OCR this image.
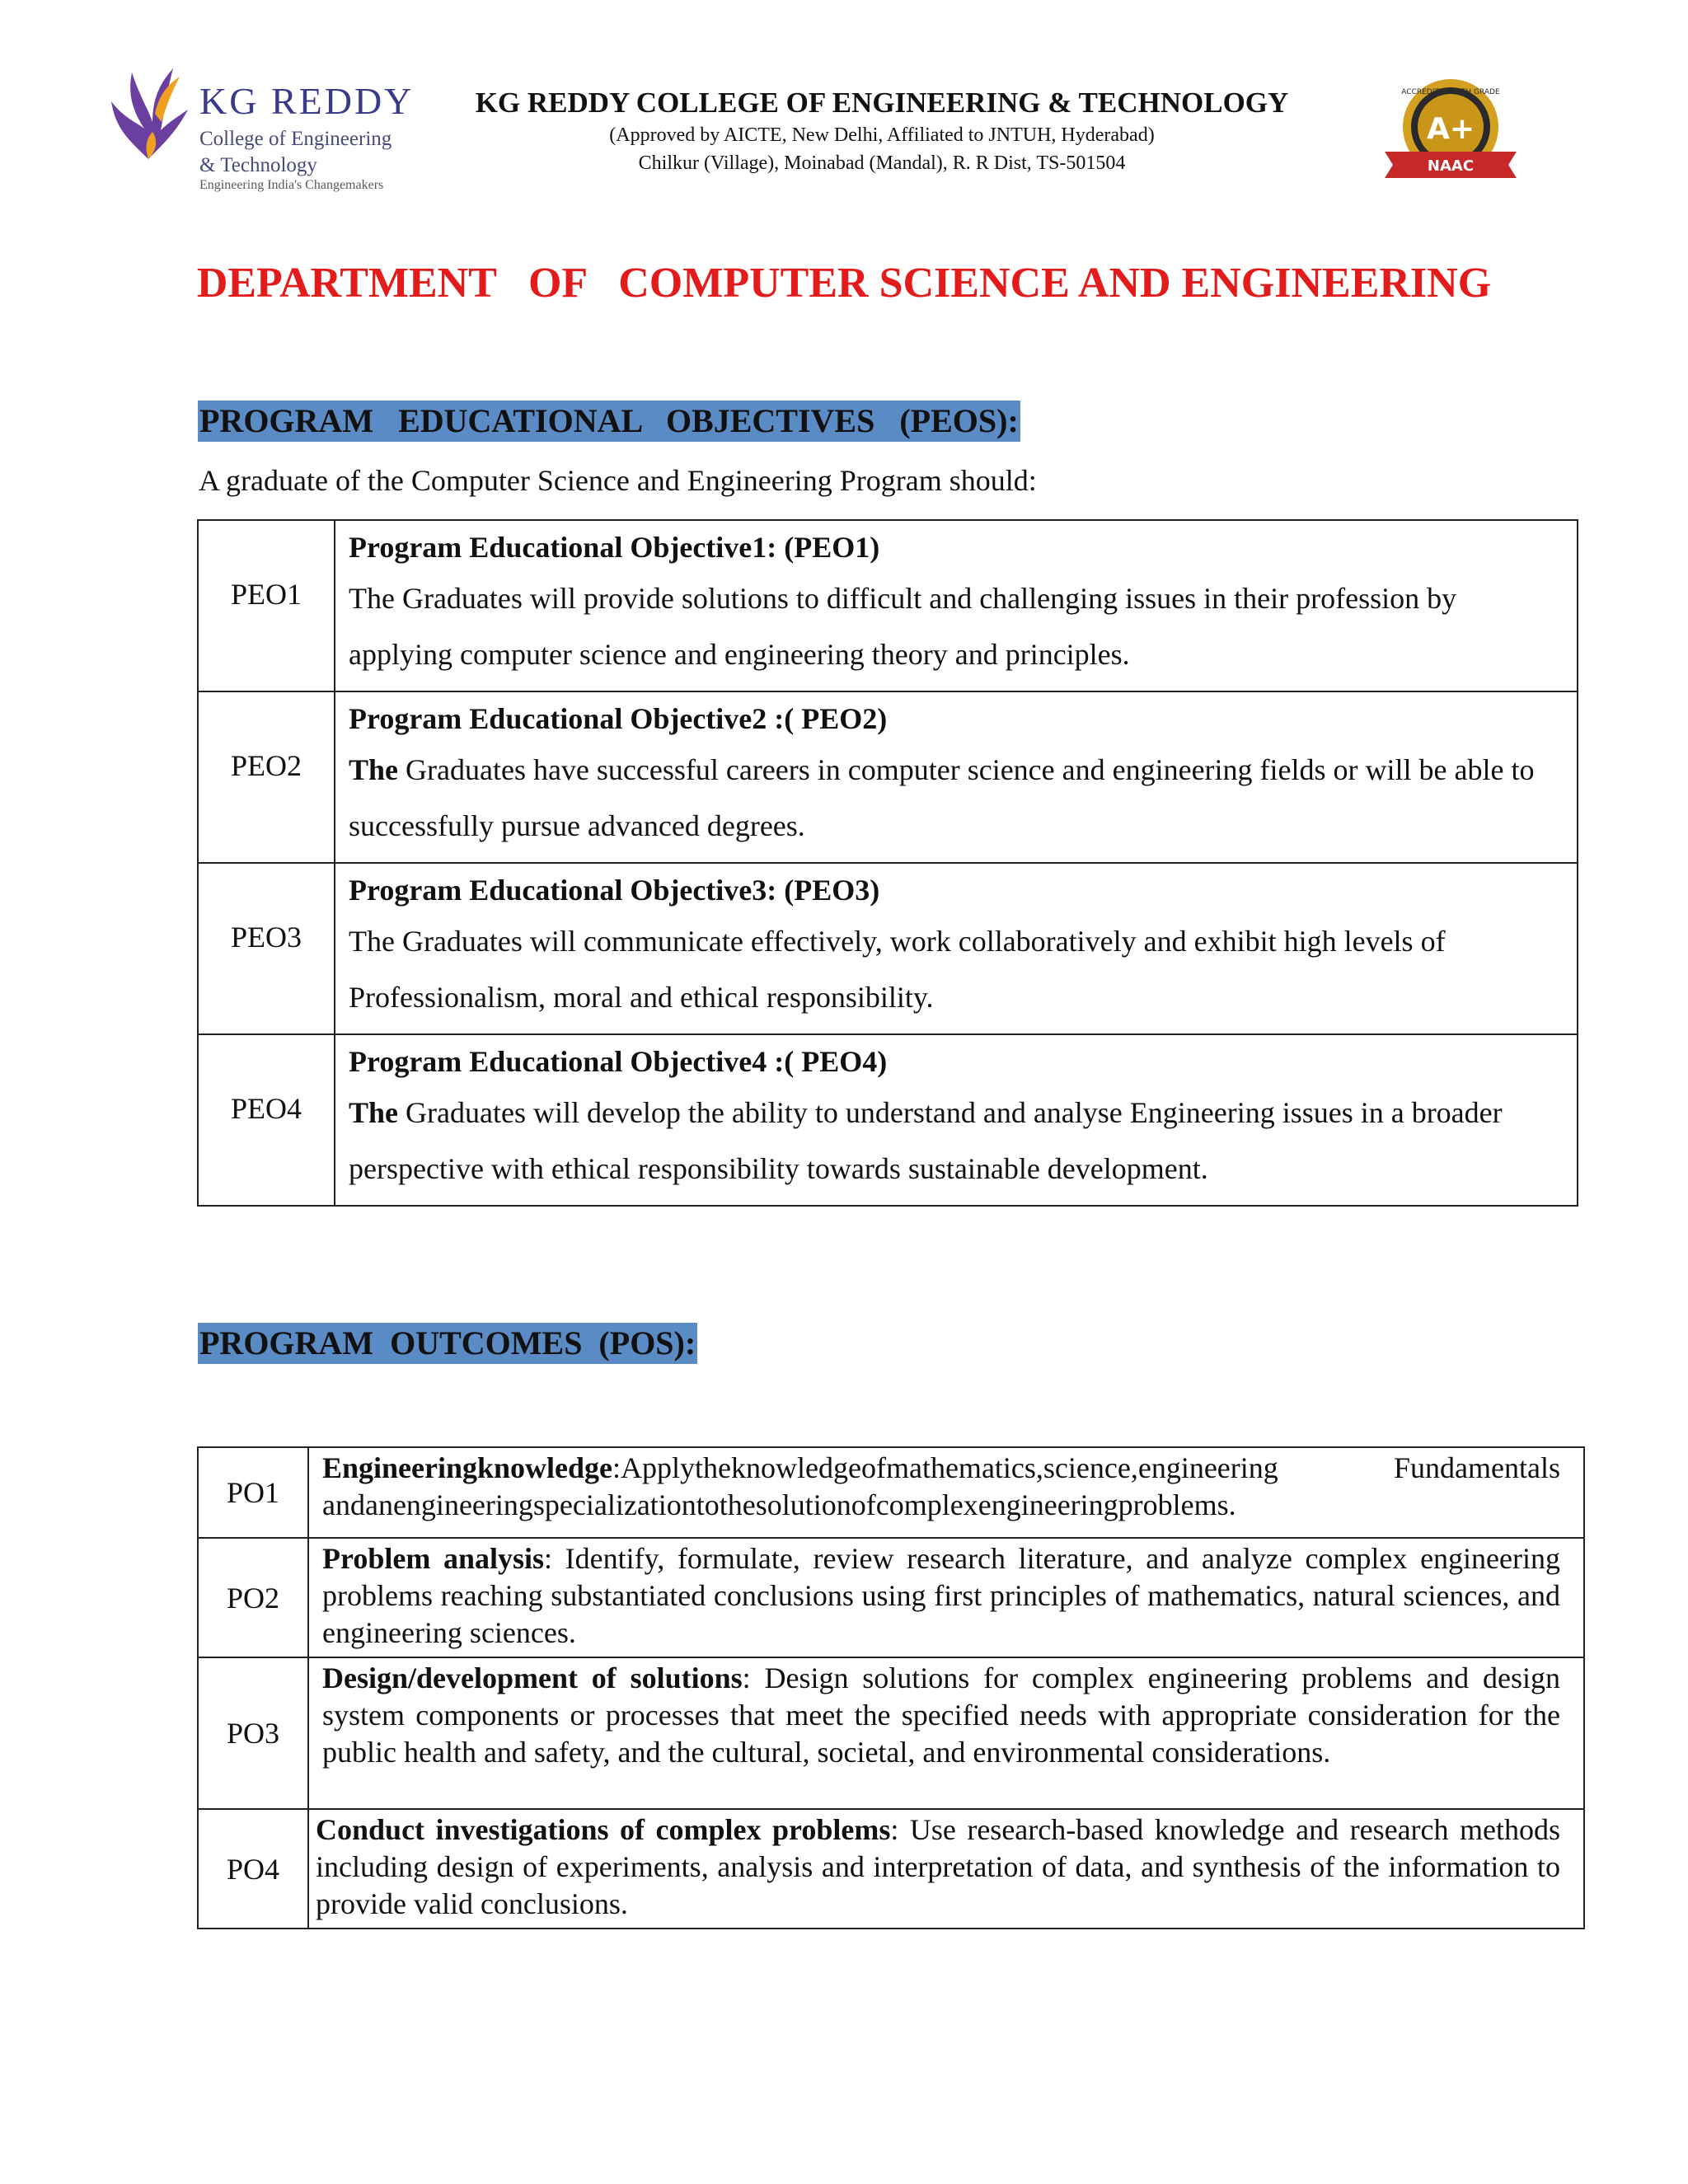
KG REDDY
College of Engineering
& Technology
Engineering India's Changemakers
KG REDDY COLLEGE OF ENGINEERING & TECHNOLOGY
(Approved by AICTE, New Delhi, Affiliated to JNTUH, Hyderabad)
Chilkur (Village), Moinabad (Mandal), R. R Dist, TS-501504
ACCREDITED WITH GRADE
A+
NAAC
DEPARTMENT   OF   COMPUTER SCIENCE AND ENGINEERING
PROGRAM   EDUCATIONAL   OBJECTIVES   (PEOS):
A graduate of the Computer Science and Engineering Program should:
PEO1	Program Educational Objective1: (PEO1)
The Graduates will provide solutions to difficult and challenging issues in their profession by applying computer science and engineering theory and principles.

PEO2	Program Educational Objective2 :( PEO2)
The Graduates have successful careers in computer science and engineering fields or will be able to successfully pursue advanced degrees.

PEO3	Program Educational Objective3: (PEO3)
The Graduates will communicate effectively, work collaboratively and exhibit high levels of Professionalism, moral and ethical responsibility.

PEO4	Program Educational Objective4 :( PEO4)
The Graduates will develop the ability to understand and analyse Engineering issues in a broader perspective with ethical responsibility towards sustainable development.
PROGRAM  OUTCOMES  (POS):
PO1	Engineeringknowledge:Applytheknowledgeofmathematics,science,engineering Fundamentals andanengineeringspecializationtothesolutionofcomplexengineeringproblems.
PO2	Problem analysis: Identify, formulate, review research literature, and analyze complex engineering problems reaching substantiated conclusions using first principles of mathematics, natural sciences, and engineering sciences.
PO3	Design/development of solutions: Design solutions for complex engineering problems and design system components or processes that meet the specified needs with appropriate consideration for the public health and safety, and the cultural, societal, and environmental considerations.
PO4	Conduct investigations of complex problems: Use research-based knowledge and research methods including design of experiments, analysis and interpretation of data, and synthesis of the information to provide valid conclusions.
